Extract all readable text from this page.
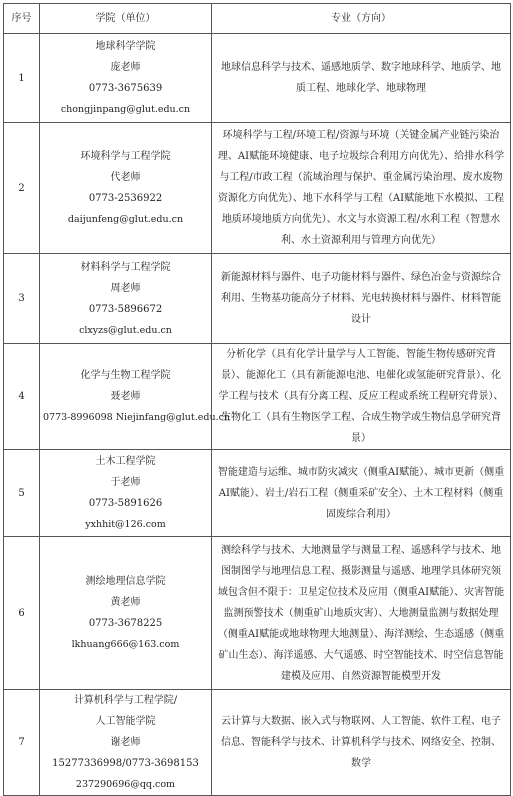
序号	学院（单位）	专业（方向）
1	地球科学学院
庞老师
0773-3675639
chongjinpang@glut.edu.cn	地球信息科学与技术、遥感地质学、数字地球科学、地质学、地质工程、地球化学、地球物理
2	环境科学与工程学院
代老师
0773-2536922
daijunfeng@glut.edu.cn	环境科学与工程/环境工程/资源与环境（关键金属产业链污染治理、AI赋能环境健康、电子垃圾综合利用方向优先）、给排水科学与工程/市政工程（流域治理与保护、重金属污染治理、废水废物资源化方向优先）、地下水科学与工程（AI赋能地下水模拟、工程地质环境地质方向优先）、水文与水资源工程/水利工程（智慧水利、水土资源利用与管理方向优先）
3	材料科学与工程学院
周老师
0773-5896672
clxyzs@glut.edu.cn	新能源材料与器件、电子功能材料与器件、绿色冶金与资源综合利用、生物基功能高分子材料、光电转换材料与器件、材料智能设计
4	化学与生物工程学院
聂老师
0773-8996098 Niejinfang@glut.edu.cn	分析化学（具有化学计量学与人工智能、智能生物传感研究背景）、能源化工（具有新能源电池、电催化或氢能研究背景）、化学工程与技术（具有分离工程、反应工程或系统工程研究背景）、生物化工（具有生物医学工程、合成生物学或生物信息学研究背景）
5	土木工程学院
于老师
0773-5891626
yxhhit@126.com	智能建造与运维、城市防灾减灾（侧重AI赋能）、城市更新（侧重AI赋能）、岩土/岩石工程（侧重采矿安全）、土木工程材料（侧重固废综合利用）
6	测绘地理信息学院
黄老师
0773-3678225
lkhuang666@163.com	测绘科学与技术、大地测量学与测量工程、遥感科学与技术、地图制图学与地理信息工程、摄影测量与遥感、地理学具体研究领域包含但不限于：卫星定位技术及应用（侧重AI赋能）、灾害智能监测预警技术（侧重矿山地质灾害）、大地测量监测与数据处理（侧重AI赋能或地球物理大地测量）、海洋测绘、生态遥感（侧重矿山生态）、海洋遥感、大气遥感、时空智能技术、时空信息智能建模及应用、自然资源智能模型开发
7	计算机科学与工程学院/
人工智能学院
谢老师
15277336998/0773-3698153
237290696@qq.com	云计算与大数据、嵌入式与物联网、人工智能、软件工程、电子信息、智能科学与技术、计算机科学与技术、网络安全、控制、数学
